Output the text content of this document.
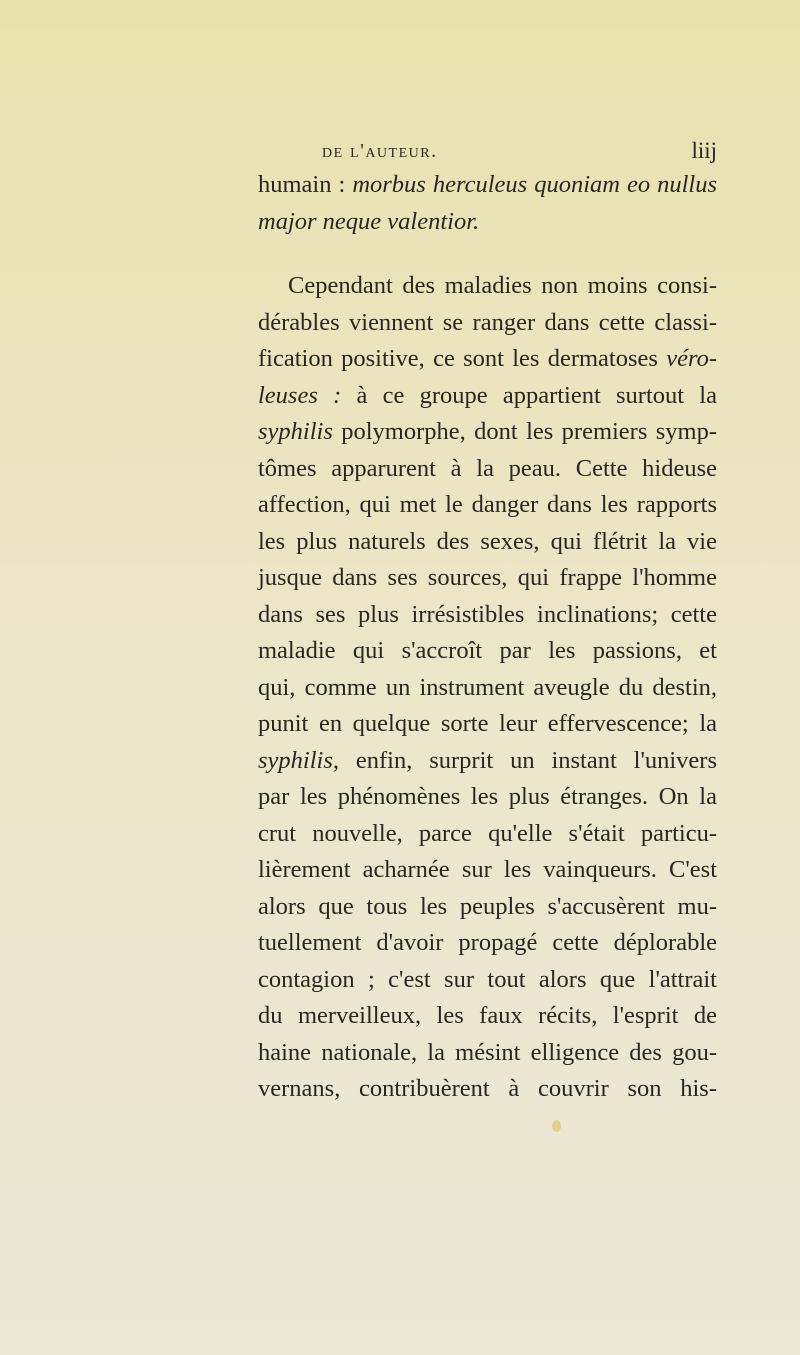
de l'auteur.	liij
humain : morbus herculeus quoniam eo nullus
major neque valentior.
Cependant des maladies non moins consi-
dérables viennent se ranger dans cette classi-
fication positive, ce sont les dermatoses véro-
leuses : à ce groupe appartient surtout la
syphilis polymorphe, dont les premiers symp-
tômes apparurent à la peau. Cette hideuse
affection, qui met le danger dans les rapports
les plus naturels des sexes, qui flétrit la vie
jusque dans ses sources, qui frappe l'homme
dans ses plus irrésistibles inclinations; cette
maladie qui s'accroît par les passions, et
qui, comme un instrument aveugle du destin,
punit en quelque sorte leur effervescence; la
syphilis, enfin, surprit un instant l'univers
par les phénomènes les plus étranges. On la
crut nouvelle, parce qu'elle s'était particu-
lièrement acharnée sur les vainqueurs. C'est
alors que tous les peuples s'accusèrent mu-
tuellement d'avoir propagé cette déplorable
contagion ; c'est sur tout alors que l'attrait
du merveilleux, les faux récits, l'esprit de
haine nationale, la mésint elligence des gou-
vernans, contribuèrent à couvrir son his-
